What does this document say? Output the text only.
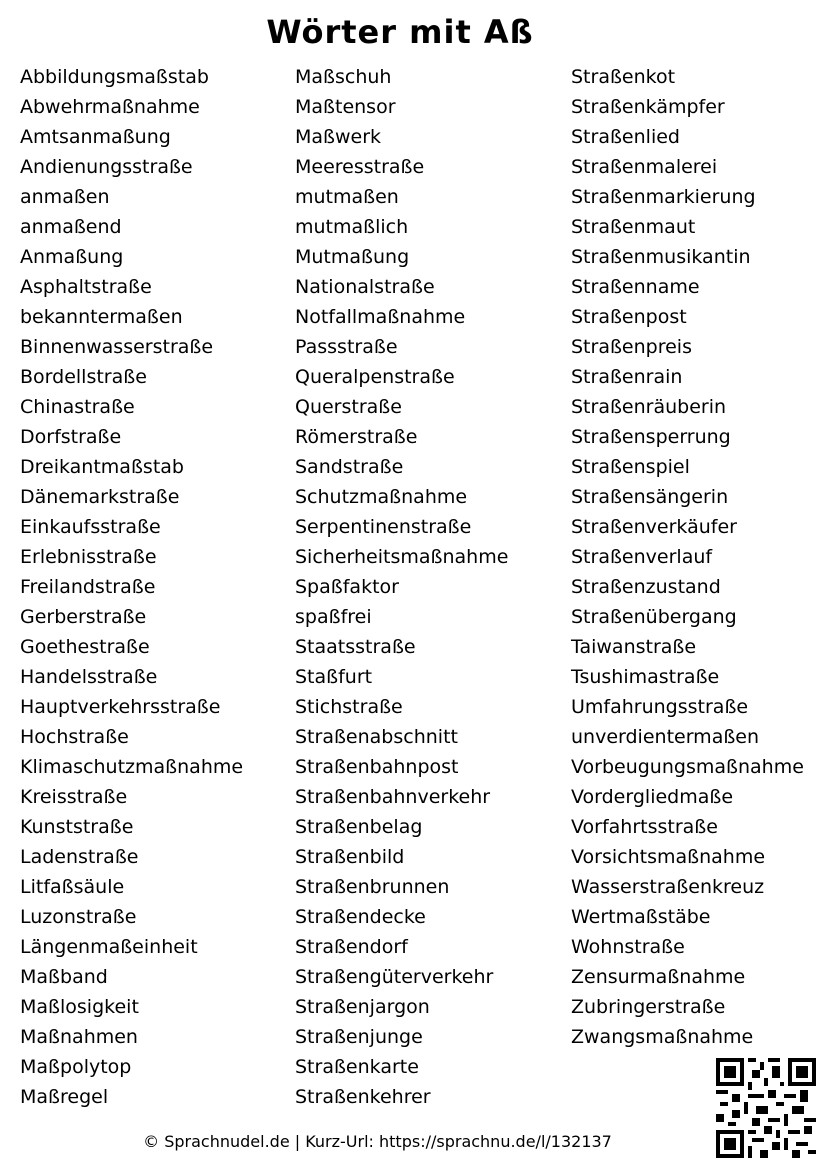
Wörter mit Aß
Abbildungsmaßstab
Abwehrmaßnahme
Amtsanmaßung
Andienungsstraße
anmaßen
anmaßend
Anmaßung
Asphaltstraße
bekanntermaßen
Binnenwasserstraße
Bordellstraße
Chinastraße
Dorfstraße
Dreikantmaßstab
Dänemarkstraße
Einkaufsstraße
Erlebnisstraße
Freilandstraße
Gerberstraße
Goethestraße
Handelsstraße
Hauptverkehrsstraße
Hochstraße
Klimaschutzmaßnahme
Kreisstraße
Kunststraße
Ladenstraße
Litfaßsäule
Luzonstraße
Längenmaßeinheit
Maßband
Maßlosigkeit
Maßnahmen
Maßpolytop
Maßregel
Maßschuh
Maßtensor
Maßwerk
Meeresstraße
mutmaßen
mutmaßlich
Mutmaßung
Nationalstraße
Notfallmaßnahme
Passstraße
Queralpenstraße
Querstraße
Römerstraße
Sandstraße
Schutzmaßnahme
Serpentinenstraße
Sicherheitsmaßnahme
Spaßfaktor
spaßfrei
Staatsstraße
Staßfurt
Stichstraße
Straßenabschnitt
Straßenbahnpost
Straßenbahnverkehr
Straßenbelag
Straßenbild
Straßenbrunnen
Straßendecke
Straßendorf
Straßengüterverkehr
Straßenjargon
Straßenjunge
Straßenkarte
Straßenkehrer
Straßenkot
Straßenkämpfer
Straßenlied
Straßenmalerei
Straßenmarkierung
Straßenmaut
Straßenmusikantin
Straßenname
Straßenpost
Straßenpreis
Straßenrain
Straßenräuberin
Straßensperrung
Straßenspiel
Straßensängerin
Straßenverkäufer
Straßenverlauf
Straßenzustand
Straßenübergang
Taiwanstraße
Tsushimastraße
Umfahrungsstraße
unverdientermaßen
Vorbeugungsmaßnahme
Vordergliedmaße
Vorfahrtsstraße
Vorsichtsmaßnahme
Wasserstraßenkreuz
Wertmaßstäbe
Wohnstraße
Zensurmaßnahme
Zubringerstraße
Zwangsmaßnahme
© Sprachnudel.de | Kurz-Url: https://sprachnu.de/l/132137
